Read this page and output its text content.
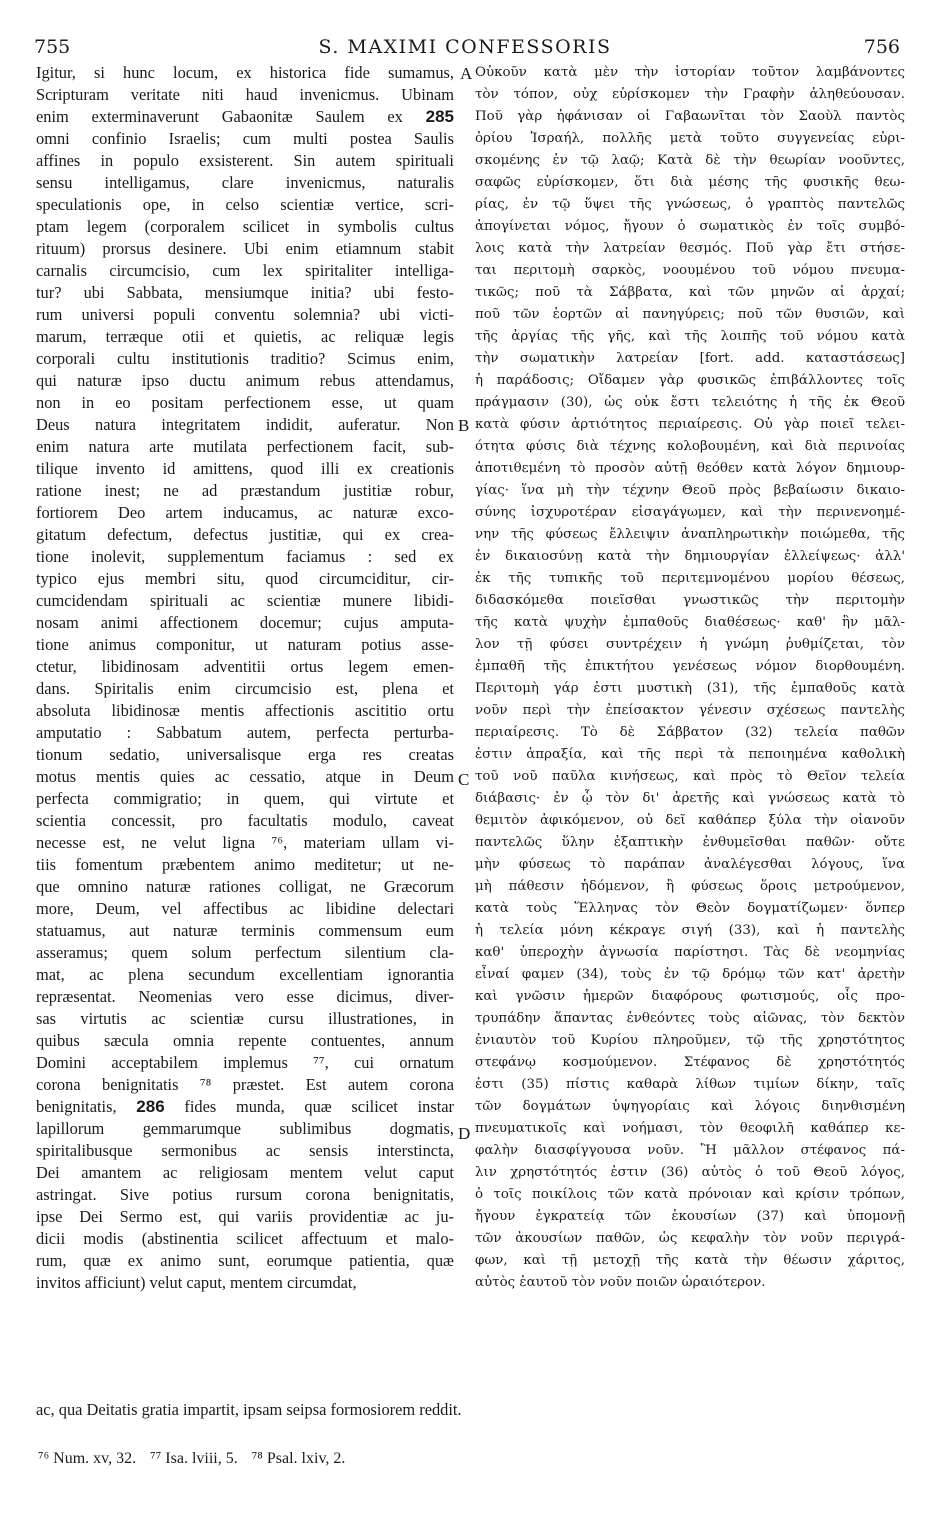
755	S. MAXIMI CONFESSORIS	756
Igitur, si hunc locum, ex historica fide sumamus,
Scripturam veritate niti haud invenicmus. Ubinam
enim exterminaverunt Gabaonitæ Saulem ex 285
omni confinio Israelis; cum multi postea Saulis
affines in populo exsisterent. Sin autem spirituali
sensu intelligamus, clare invenicmus, naturalis
speculationis ope, in celso scientiæ vertice, scri-
ptam legem (corporalem scilicet in symbolis cultus
rituum) prorsus desinere. Ubi enim etiamnum stabit
carnalis circumcisio, cum lex spiritaliter intelliga-
tur? ubi Sabbata, mensiumque initia? ubi festo-
rum universi populi conventu solemnia? ubi victi-
marum, terræque otii et quietis, ac reliquæ legis
corporali cultu institutionis traditio? Scimus enim,
qui naturæ ipso ductu animum rebus attendamus,
non in eo positam perfectionem esse, ut quam
Deus natura integritatem indidit, auferatur. Non
enim natura arte mutilata perfectionem facit, sub-
tilique invento id amittens, quod illi ex creationis
ratione inest; ne ad præstandum justitiæ robur,
fortiorem Deo artem inducamus, ac naturæ exco-
gitatum defectum, defectus justitiæ, qui ex crea-
tione inolevit, supplementum faciamus : sed ex
typico ejus membri situ, quod circumciditur, cir-
cumcidendam spirituali ac scientiæ munere libidi-
nosam animi affectionem docemur; cujus amputa-
tione animus componitur, ut naturam potius asse-
ctetur, libidinosam adventitii ortus legem emen-
dans. Spiritalis enim circumcisio est, plena et
absoluta libidinosæ mentis affectionis ascititio ortu
amputatio : Sabbatum autem, perfecta perturba-
tionum sedatio, universalisque erga res creatas
motus mentis quies ac cessatio, atque in Deum
perfecta commigratio; in quem, qui virtute et
scientia concessit, pro facultatis modulo, caveat
necesse est, ne velut ligna ⁷⁶, materiam ullam vi-
tiis fomentum præbentem animo meditetur; ut ne-
que omnino naturæ rationes colligat, ne Græcorum
more, Deum, vel affectibus ac libidine delectari
statuamus, aut naturæ terminis commensum eum
asseramus; quem solum perfectum silentium cla-
mat, ac plena secundum excellentiam ignorantia
repræsentat. Neomenias vero esse dicimus, diver-
sas virtutis ac scientiæ cursu illustrationes, in
quibus sæcula omnia repente contuentes, annum
Domini acceptabilem implemus ⁷⁷, cui ornatum
corona benignitatis ⁷⁸ præstet. Est autem corona
benignitatis, 286 fides munda, quæ scilicet instar
lapillorum gemmarumque sublimibus dogmatis,
spiritalibusque sermonibus ac sensis interstincta,
Dei amantem ac religiosam mentem velut caput
astringat. Sive potius rursum corona benignitatis,
ipse Dei Sermo est, qui variis providentiæ ac ju-
dicii modis (abstinentia scilicet affectuum et malo-
rum, quæ ex animo sunt, eorumque patientia, quæ
invitos afficiunt) velut caput, mentem circumdat,
Οὐκοῦν κατὰ μὲν τὴν ἱστορίαν τοῦτον λαμβάνοντες
τὸν τόπον, οὐχ εὑρίσκομεν τὴν Γραφὴν ἀληθεύουσαν.
Ποῦ γὰρ ἠφάνισαν οἱ Γαβαωνῖται τὸν Σαοὺλ παντὸς
ὁρίου Ἰσραήλ, πολλῆς μετὰ τοῦτο συγγενείας εὑρι-
σκομένης ἐν τῷ λαῷ; Κατὰ δὲ τὴν θεωρίαν νοοῦντες,
σαφῶς εὑρίσκομεν, ὅτι διὰ μέσης τῆς φυσικῆς θεω-
ρίας, ἐν τῷ ὕψει τῆς γνώσεως, ὁ γραπτὸς παντελῶς
ἀπογίνεται νόμος, ἤγουν ὁ σωματικὸς ἐν τοῖς συμβό-
λοις κατὰ τὴν λατρείαν θεσμός. Ποῦ γὰρ ἔτι στήσε-
ται περιτομὴ σαρκὸς, νοουμένου τοῦ νόμου πνευμα-
τικῶς; ποῦ τὰ Σάββατα, καὶ τῶν μηνῶν αἱ ἀρχαί;
ποῦ τῶν ἑορτῶν αἱ πανηγύρεις; ποῦ τῶν θυσιῶν, καὶ
τῆς ἀργίας τῆς γῆς, καὶ τῆς λοιπῆς τοῦ νόμου κατὰ
τὴν σωματικὴν λατρείαν [fort. add. καταστάσεως]
ἡ παράδοσις; Οἴδαμεν γὰρ φυσικῶς ἐπιβάλλοντες τοῖς
πράγμασιν (30), ὡς οὐκ ἔστι τελειότης ἡ τῆς ἐκ Θεοῦ
κατὰ φύσιν ἀρτιότητος περιαίρεσις. Οὐ γὰρ ποιεῖ τελει-
ότητα φύσις διὰ τέχνης κολοβουμένη, καὶ διὰ περινοίας
ἀποτιθεμένη τὸ προσὸν αὐτῇ θεόθεν κατὰ λόγον δημιουρ-
γίας· ἵνα μὴ τὴν τέχνην Θεοῦ πρὸς βεβαίωσιν δικαιο-
σύνης ἰσχυροτέραν εἰσαγάγωμεν, καὶ τὴν περινενοημέ-
νην τῆς φύσεως ἔλλειψιν ἀναπληρωτικὴν ποιώμεθα, τῆς
ἐν δικαιοσύνῃ κατὰ τὴν δημιουργίαν ἐλλείψεως· ἀλλ'
ἐκ τῆς τυπικῆς τοῦ περιτεμνομένου μορίου θέσεως,
διδασκόμεθα ποιεῖσθαι γνωστικῶς τὴν περιτομὴν
τῆς κατὰ ψυχὴν ἐμπαθοῦς διαθέσεως· καθ' ἣν μᾶλ-
λον τῇ φύσει συντρέχειν ἡ γνώμη ῥυθμίζεται, τὸν
ἐμπαθῆ τῆς ἐπικτήτου γενέσεως νόμον διορθουμένη.
Περιτομὴ γάρ ἐστι μυστικὴ (31), τῆς ἐμπαθοῦς κατὰ
νοῦν περὶ τὴν ἐπείσακτον γένεσιν σχέσεως παντελὴς
περιαίρεσις. Τὸ δὲ Σάββατον (32) τελεία παθῶν
ἐστιν ἀπραξία, καὶ τῆς περὶ τὰ πεποιημένα καθολικὴ
τοῦ νοῦ παῦλα κινήσεως, καὶ πρὸς τὸ Θεῖον τελεία
διάβασις· ἐν ᾧ τὸν δι' ἀρετῆς καὶ γνώσεως κατὰ τὸ
θεμιτὸν ἀφικόμενον, οὐ δεῖ καθάπερ ξύλα τὴν οἰανοῦν
παντελῶς ὕλην ἐξαπτικὴν ἐνθυμεῖσθαι παθῶν· οὔτε
μὴν φύσεως τὸ παράπαν ἀναλέγεσθαι λόγους, ἵνα
μὴ πάθεσιν ἡδόμενον, ἢ φύσεως ὅροις μετρούμενον,
κατὰ τοὺς Ἕλληνας τὸν Θεὸν δογματίζωμεν· ὅνπερ
ἡ τελεία μόνη κέκραγε σιγή (33), καὶ ἡ παντελὴς
καθ' ὑπεροχὴν ἀγνωσία παρίστησι. Τὰς δὲ νεομηνίας
εἶναί φαμεν (34), τοὺς ἐν τῷ δρόμῳ τῶν κατ' ἀρετὴν
καὶ γνῶσιν ἡμερῶν διαφόρους φωτισμούς, οἷς προ-
τρυπάδην ἅπαντας ἐνθεόντες τοὺς αἰῶνας, τὸν δεκτὸν
ἐνιαυτὸν τοῦ Κυρίου πληροῦμεν, τῷ τῆς χρηστότητος
στεφάνῳ κοσμούμενον. Στέφανος δὲ χρηστότητός
ἐστι (35) πίστις καθαρὰ λίθων τιμίων δίκην, ταῖς
τῶν δογμάτων ὑψηγορίαις καὶ λόγοις διηνθισμένη
πνευματικοῖς καὶ νοήμασι, τὸν θεοφιλῆ καθάπερ κε-
φαλὴν διασφίγγουσα νοῦν. Ἢ μᾶλλον στέφανος πά-
λιν χρηστότητός ἐστιν (36) αὐτὸς ὁ τοῦ Θεοῦ λόγος,
ὁ τοῖς ποικίλοις τῶν κατὰ πρόνοιαν καὶ κρίσιν τρόπων,
ἤγουν ἐγκρατείᾳ τῶν ἑκουσίων (37) καὶ ὑπομονῇ
τῶν ἀκουσίων παθῶν, ὡς κεφαλὴν τὸν νοῦν περιγρά-
φων, καὶ τῇ μετοχῇ τῆς κατὰ τὴν θέωσιν χάριτος,
αὐτὸς ἑαυτοῦ τὸν νοῦν ποιῶν ὡραιότερον.
A
B
C
D
ac, qua Deitatis gratia impartit, ipsam seipsa formosiorem reddit.
⁷⁶ Num. xv, 32. ⁷⁷ Isa. lviii, 5. ⁷⁸ Psal. lxiv, 2.
